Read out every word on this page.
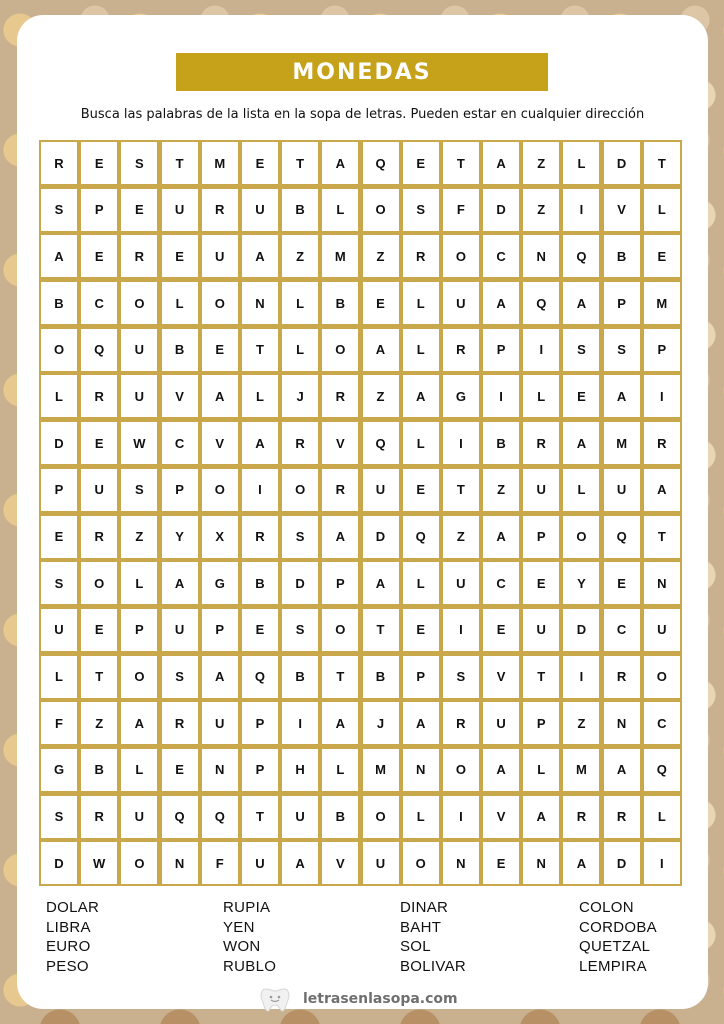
MONEDAS
Busca las palabras de la lista en la sopa de letras. Pueden estar en cualquier dirección
R	E	S	T	M	E	T	A	Q	E	T	A	Z	L	D	T
S	P	E	U	R	U	B	L	O	S	F	D	Z	I	V	L
A	E	R	E	U	A	Z	M	Z	R	O	C	N	Q	B	E
B	C	O	L	O	N	L	B	E	L	U	A	Q	A	P	M
O	Q	U	B	E	T	L	O	A	L	R	P	I	S	S	P
L	R	U	V	A	L	J	R	Z	A	G	I	L	E	A	I
D	E	W	C	V	A	R	V	Q	L	I	B	R	A	M	R
P	U	S	P	O	I	O	R	U	E	T	Z	U	L	U	A
E	R	Z	Y	X	R	S	A	D	Q	Z	A	P	O	Q	T
S	O	L	A	G	B	D	P	A	L	U	C	E	Y	E	N
U	E	P	U	P	E	S	O	T	E	I	E	U	D	C	U
L	T	O	S	A	Q	B	T	B	P	S	V	T	I	R	O
F	Z	A	R	U	P	I	A	J	A	R	U	P	Z	N	C
G	B	L	E	N	P	H	L	M	N	O	A	L	M	A	Q
S	R	U	Q	Q	T	U	B	O	L	I	V	A	R	R	L
D	W	O	N	F	U	A	V	U	O	N	E	N	A	D	I
DOLAR	RUPIA	DINAR	COLON
LIBRA	YEN	BAHT	CORDOBA
EURO	WON	SOL	QUETZAL
PESO	RUBLO	BOLIVAR	LEMPIRA
letrasenlasopa.com
